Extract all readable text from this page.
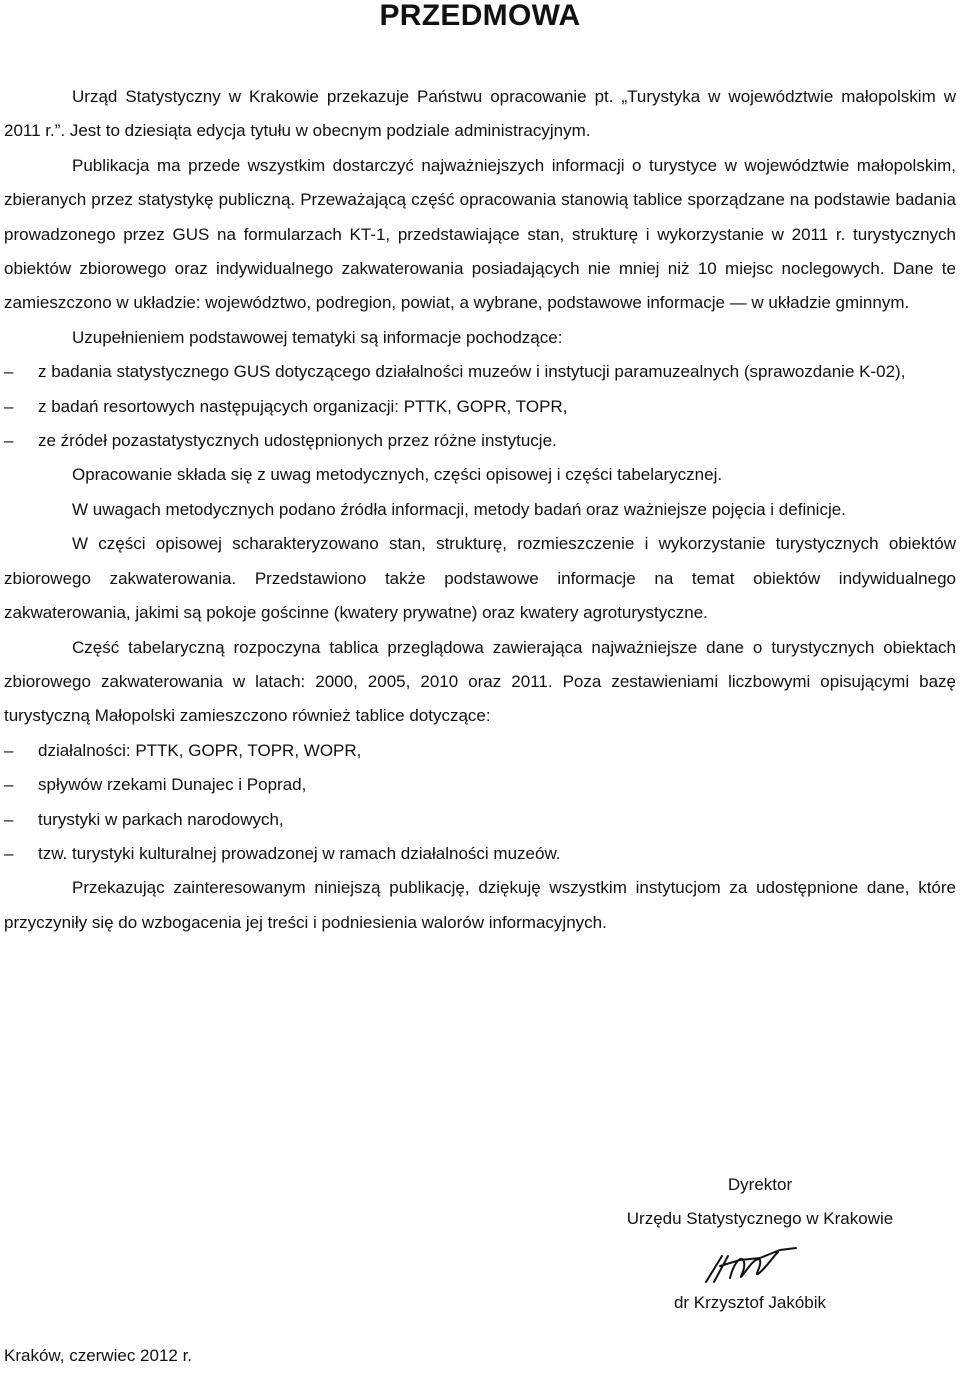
PRZEDMOWA

Urząd Statystyczny w Krakowie przekazuje Państwu opracowanie pt. „Turystyka w województwie małopolskim w 2011 r.”. Jest to dziesiąta edycja tytułu w obecnym podziale administracyjnym.

Publikacja ma przede wszystkim dostarczyć najważniejszych informacji o turystyce w województwie małopolskim, zbieranych przez statystykę publiczną. Przeważającą część opracowania stanowią tablice sporządzane na podstawie badania prowadzonego przez GUS na formularzach KT-1, przedstawiające stan, strukturę i wykorzystanie w 2011 r. turystycznych obiektów zbiorowego oraz indywidualnego zakwaterowania posiadających nie mniej niż 10 miejsc noclegowych. Dane te zamieszczono w układzie: województwo, podregion, powiat, a wybrane, podstawowe informacje — w układzie gminnym.

Uzupełnieniem podstawowej tematyki są informacje pochodzące:

– z badania statystycznego GUS dotyczącego działalności muzeów i instytucji paramuzealnych (sprawozdanie K-02),
– z badań resortowych następujących organizacji: PTTK, GOPR, TOPR,
– ze źródeł pozastatystycznych udostępnionych przez różne instytucje.

Opracowanie składa się z uwag metodycznych, części opisowej i części tabelarycznej.

W uwagach metodycznych podano źródła informacji, metody badań oraz ważniejsze pojęcia i definicje.

W części opisowej scharakteryzowano stan, strukturę, rozmieszczenie i wykorzystanie turystycznych obiektów zbiorowego zakwaterowania. Przedstawiono także podstawowe informacje na temat obiektów indywidualnego zakwaterowania, jakimi są pokoje gościnne (kwatery prywatne) oraz kwatery agroturystyczne.

Część tabelaryczną rozpoczyna tablica przeglądowa zawierająca najważniejsze dane o turystycznych obiektach zbiorowego zakwaterowania w latach: 2000, 2005, 2010 oraz 2011. Poza zestawieniami liczbowymi opisującymi bazę turystyczną Małopolski zamieszczono również tablice dotyczące:

– działalności: PTTK, GOPR, TOPR, WOPR,
– spływów rzekami Dunajec i Poprad,
– turystyki w parkach narodowych,
– tzw. turystyki kulturalnej prowadzonej w ramach działalności muzeów.

Przekazując zainteresowanym niniejszą publikację, dziękuję wszystkim instytucjom za udostępnione dane, które przyczyniły się do wzbogacenia jej treści i podniesienia walorów informacyjnych.

Dyrektor
Urzędu Statystycznego w Krakowie
dr Krzysztof Jakóbik
Kraków, czerwiec 2012 r.
